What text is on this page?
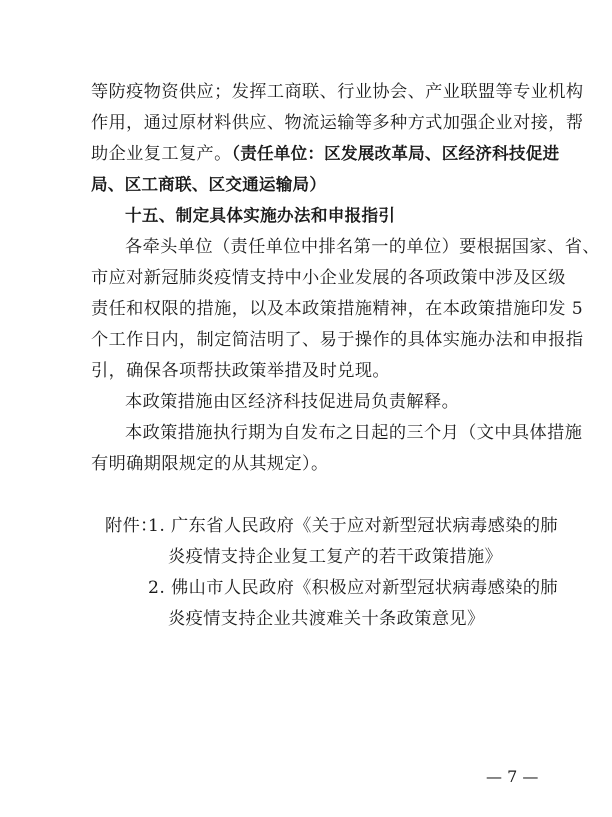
等防疫物资供应；发挥工商联、行业协会、产业联盟等专业机构
作用，通过原材料供应、物流运输等多种方式加强企业对接，帮
助企业复工复产。（责任单位：区发展改革局、区经济科技促进
局、区工商联、区交通运输局）
十五、制定具体实施办法和申报指引
各牵头单位（责任单位中排名第一的单位）要根据国家、省、
市应对新冠肺炎疫情支持中小企业发展的各项政策中涉及区级
责任和权限的措施，以及本政策措施精神，在本政策措施印发 5
个工作日内，制定简洁明了、易于操作的具体实施办法和申报指
引，确保各项帮扶政策举措及时兑现。
本政策措施由区经济科技促进局负责解释。
本政策措施执行期为自发布之日起的三个月（文中具体措施
有明确期限规定的从其规定）。
附件：
1. 广东省人民政府《关于应对新型冠状病毒感染的肺
炎疫情支持企业复工复产的若干政策措施》
2. 佛山市人民政府《积极应对新型冠状病毒感染的肺
炎疫情支持企业共渡难关十条政策意见》
— 7 —
